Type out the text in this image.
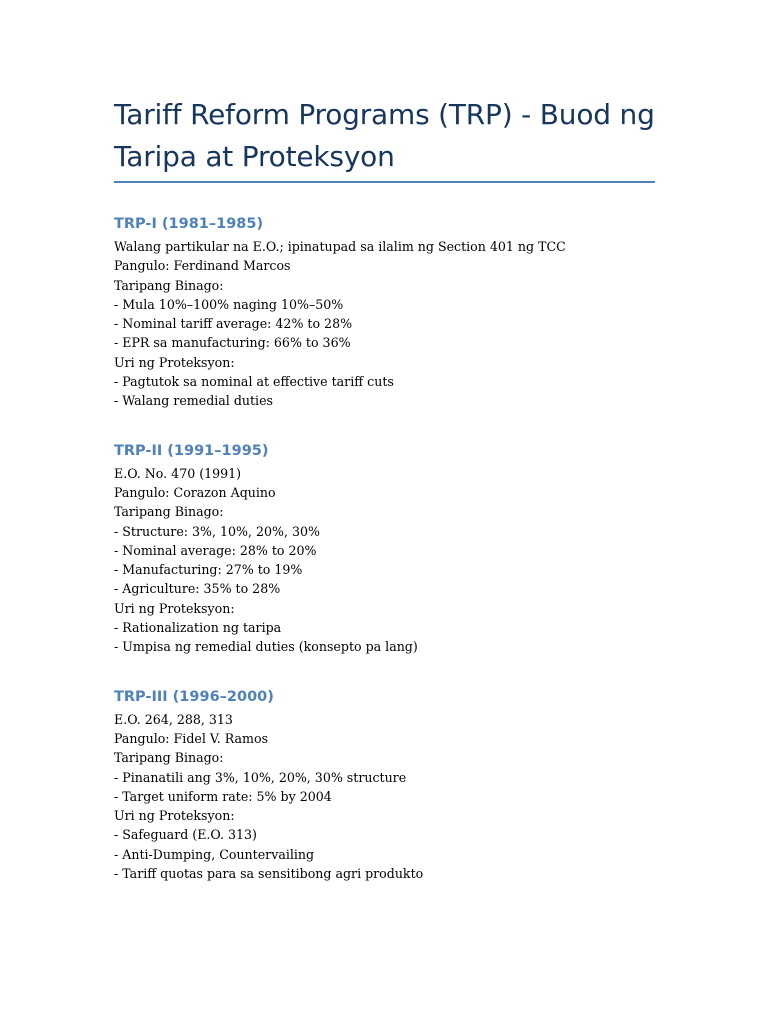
Tariff Reform Programs (TRP) - Buod ng Taripa at Proteksyon
TRP-I (1981–1985)
Walang partikular na E.O.; ipinatupad sa ilalim ng Section 401 ng TCC
Pangulo: Ferdinand Marcos
Taripang Binago:
- Mula 10%–100% naging 10%–50%
- Nominal tariff average: 42% to 28%
- EPR sa manufacturing: 66% to 36%
Uri ng Proteksyon:
- Pagtutok sa nominal at effective tariff cuts
- Walang remedial duties
TRP-II (1991–1995)
E.O. No. 470 (1991)
Pangulo: Corazon Aquino
Taripang Binago:
- Structure: 3%, 10%, 20%, 30%
- Nominal average: 28% to 20%
- Manufacturing: 27% to 19%
- Agriculture: 35% to 28%
Uri ng Proteksyon:
- Rationalization ng taripa
- Umpisa ng remedial duties (konsepto pa lang)
TRP-III (1996–2000)
E.O. 264, 288, 313
Pangulo: Fidel V. Ramos
Taripang Binago:
- Pinanatili ang 3%, 10%, 20%, 30% structure
- Target uniform rate: 5% by 2004
Uri ng Proteksyon:
- Safeguard (E.O. 313)
- Anti-Dumping, Countervailing
- Tariff quotas para sa sensitibong agri produkto
